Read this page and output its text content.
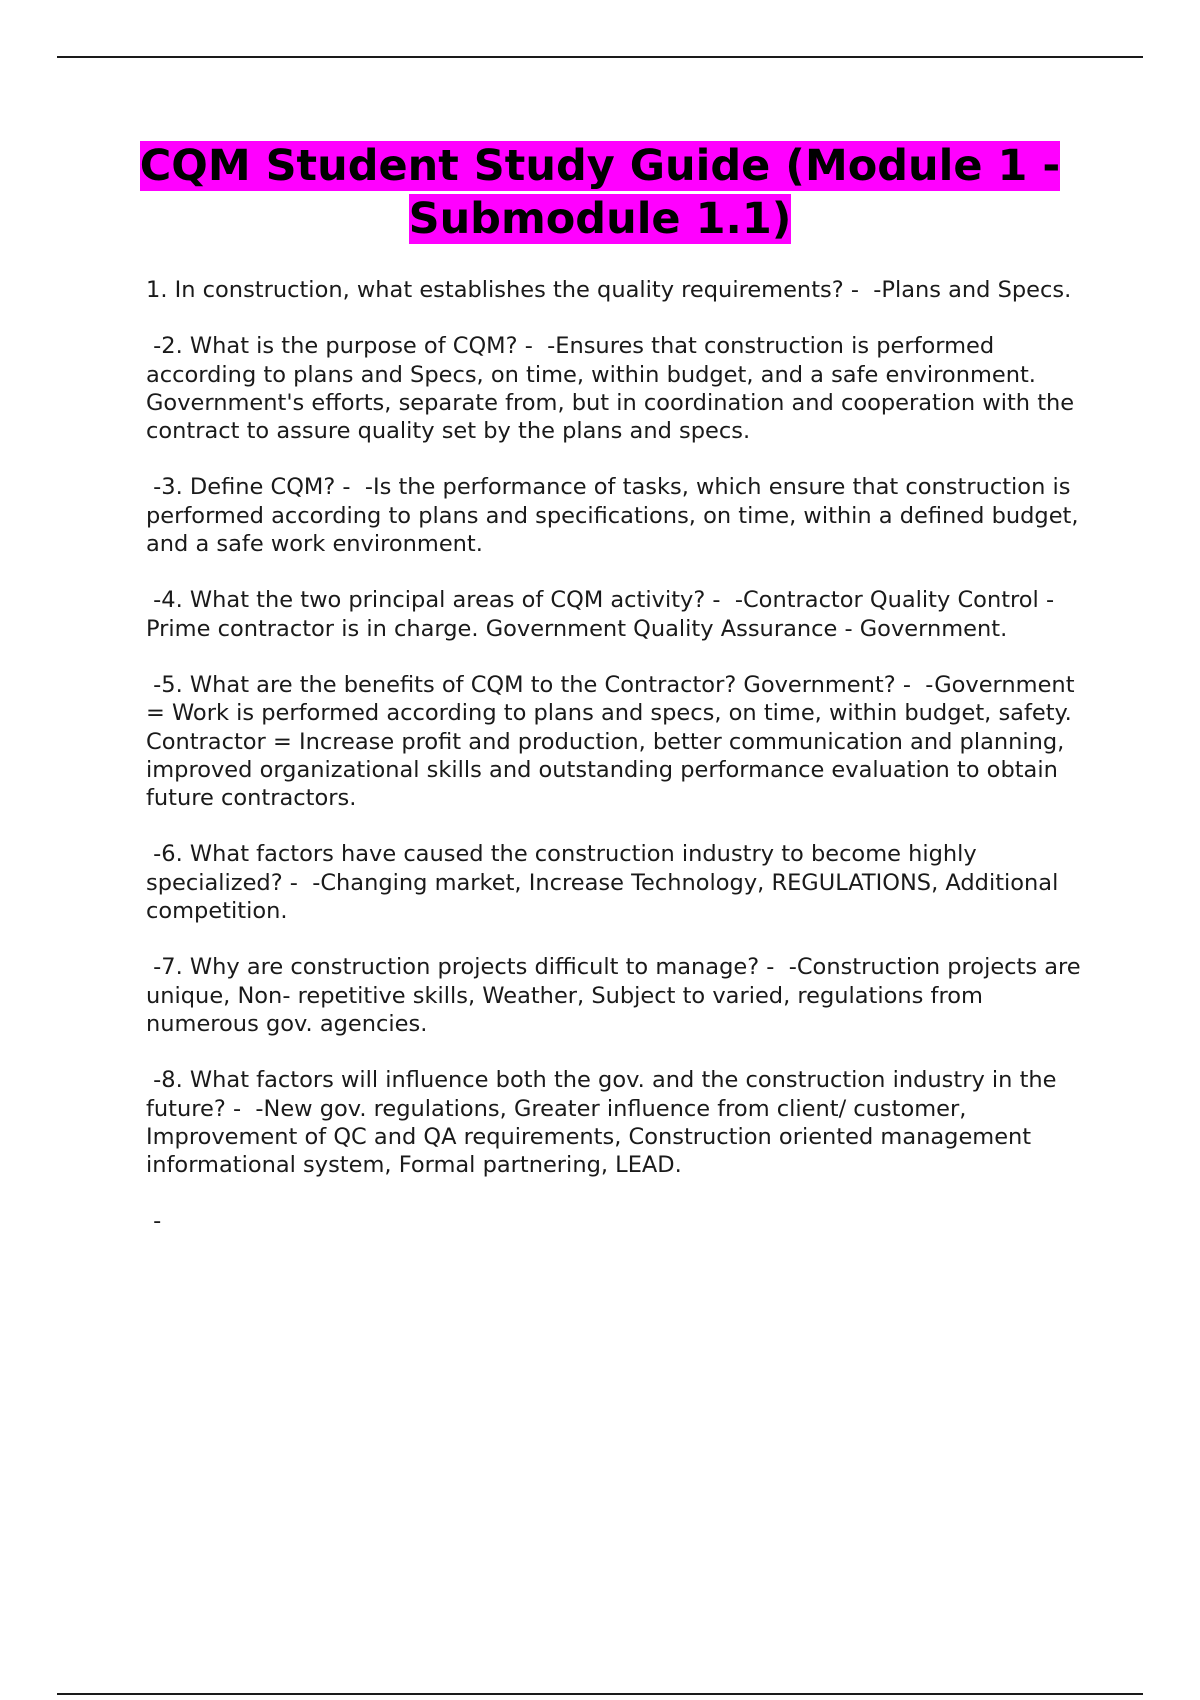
CQM Student Study Guide (Module 1 - Submodule 1.1)

1. In construction, what establishes the quality requirements? -  -Plans and Specs.

-2. What is the purpose of CQM? -  -Ensures that construction is performed according to plans and Specs, on time, within budget, and a safe environment. Government's efforts, separate from, but in coordination and cooperation with the contract to assure quality set by the plans and specs.

-3. Define CQM? -  -Is the performance of tasks, which ensure that construction is performed according to plans and specifications, on time, within a defined budget, and a safe work environment.

-4. What the two principal areas of CQM activity? -  -Contractor Quality Control - Prime contractor is in charge. Government Quality Assurance - Government.

-5. What are the benefits of CQM to the Contractor? Government? -  -Government = Work is performed according to plans and specs, on time, within budget, safety. Contractor = Increase profit and production, better communication and planning, improved organizational skills and outstanding performance evaluation to obtain future contractors.

-6. What factors have caused the construction industry to become highly specialized? -  -Changing market, Increase Technology, REGULATIONS, Additional competition.

-7. Why are construction projects difficult to manage? -  -Construction projects are unique, Non- repetitive skills, Weather, Subject to varied, regulations from numerous gov. agencies.

-8. What factors will influence both the gov. and the construction industry in the future? -  -New gov. regulations, Greater influence from client/ customer, Improvement of QC and QA requirements, Construction oriented management informational system, Formal partnering, LEAD.

-
